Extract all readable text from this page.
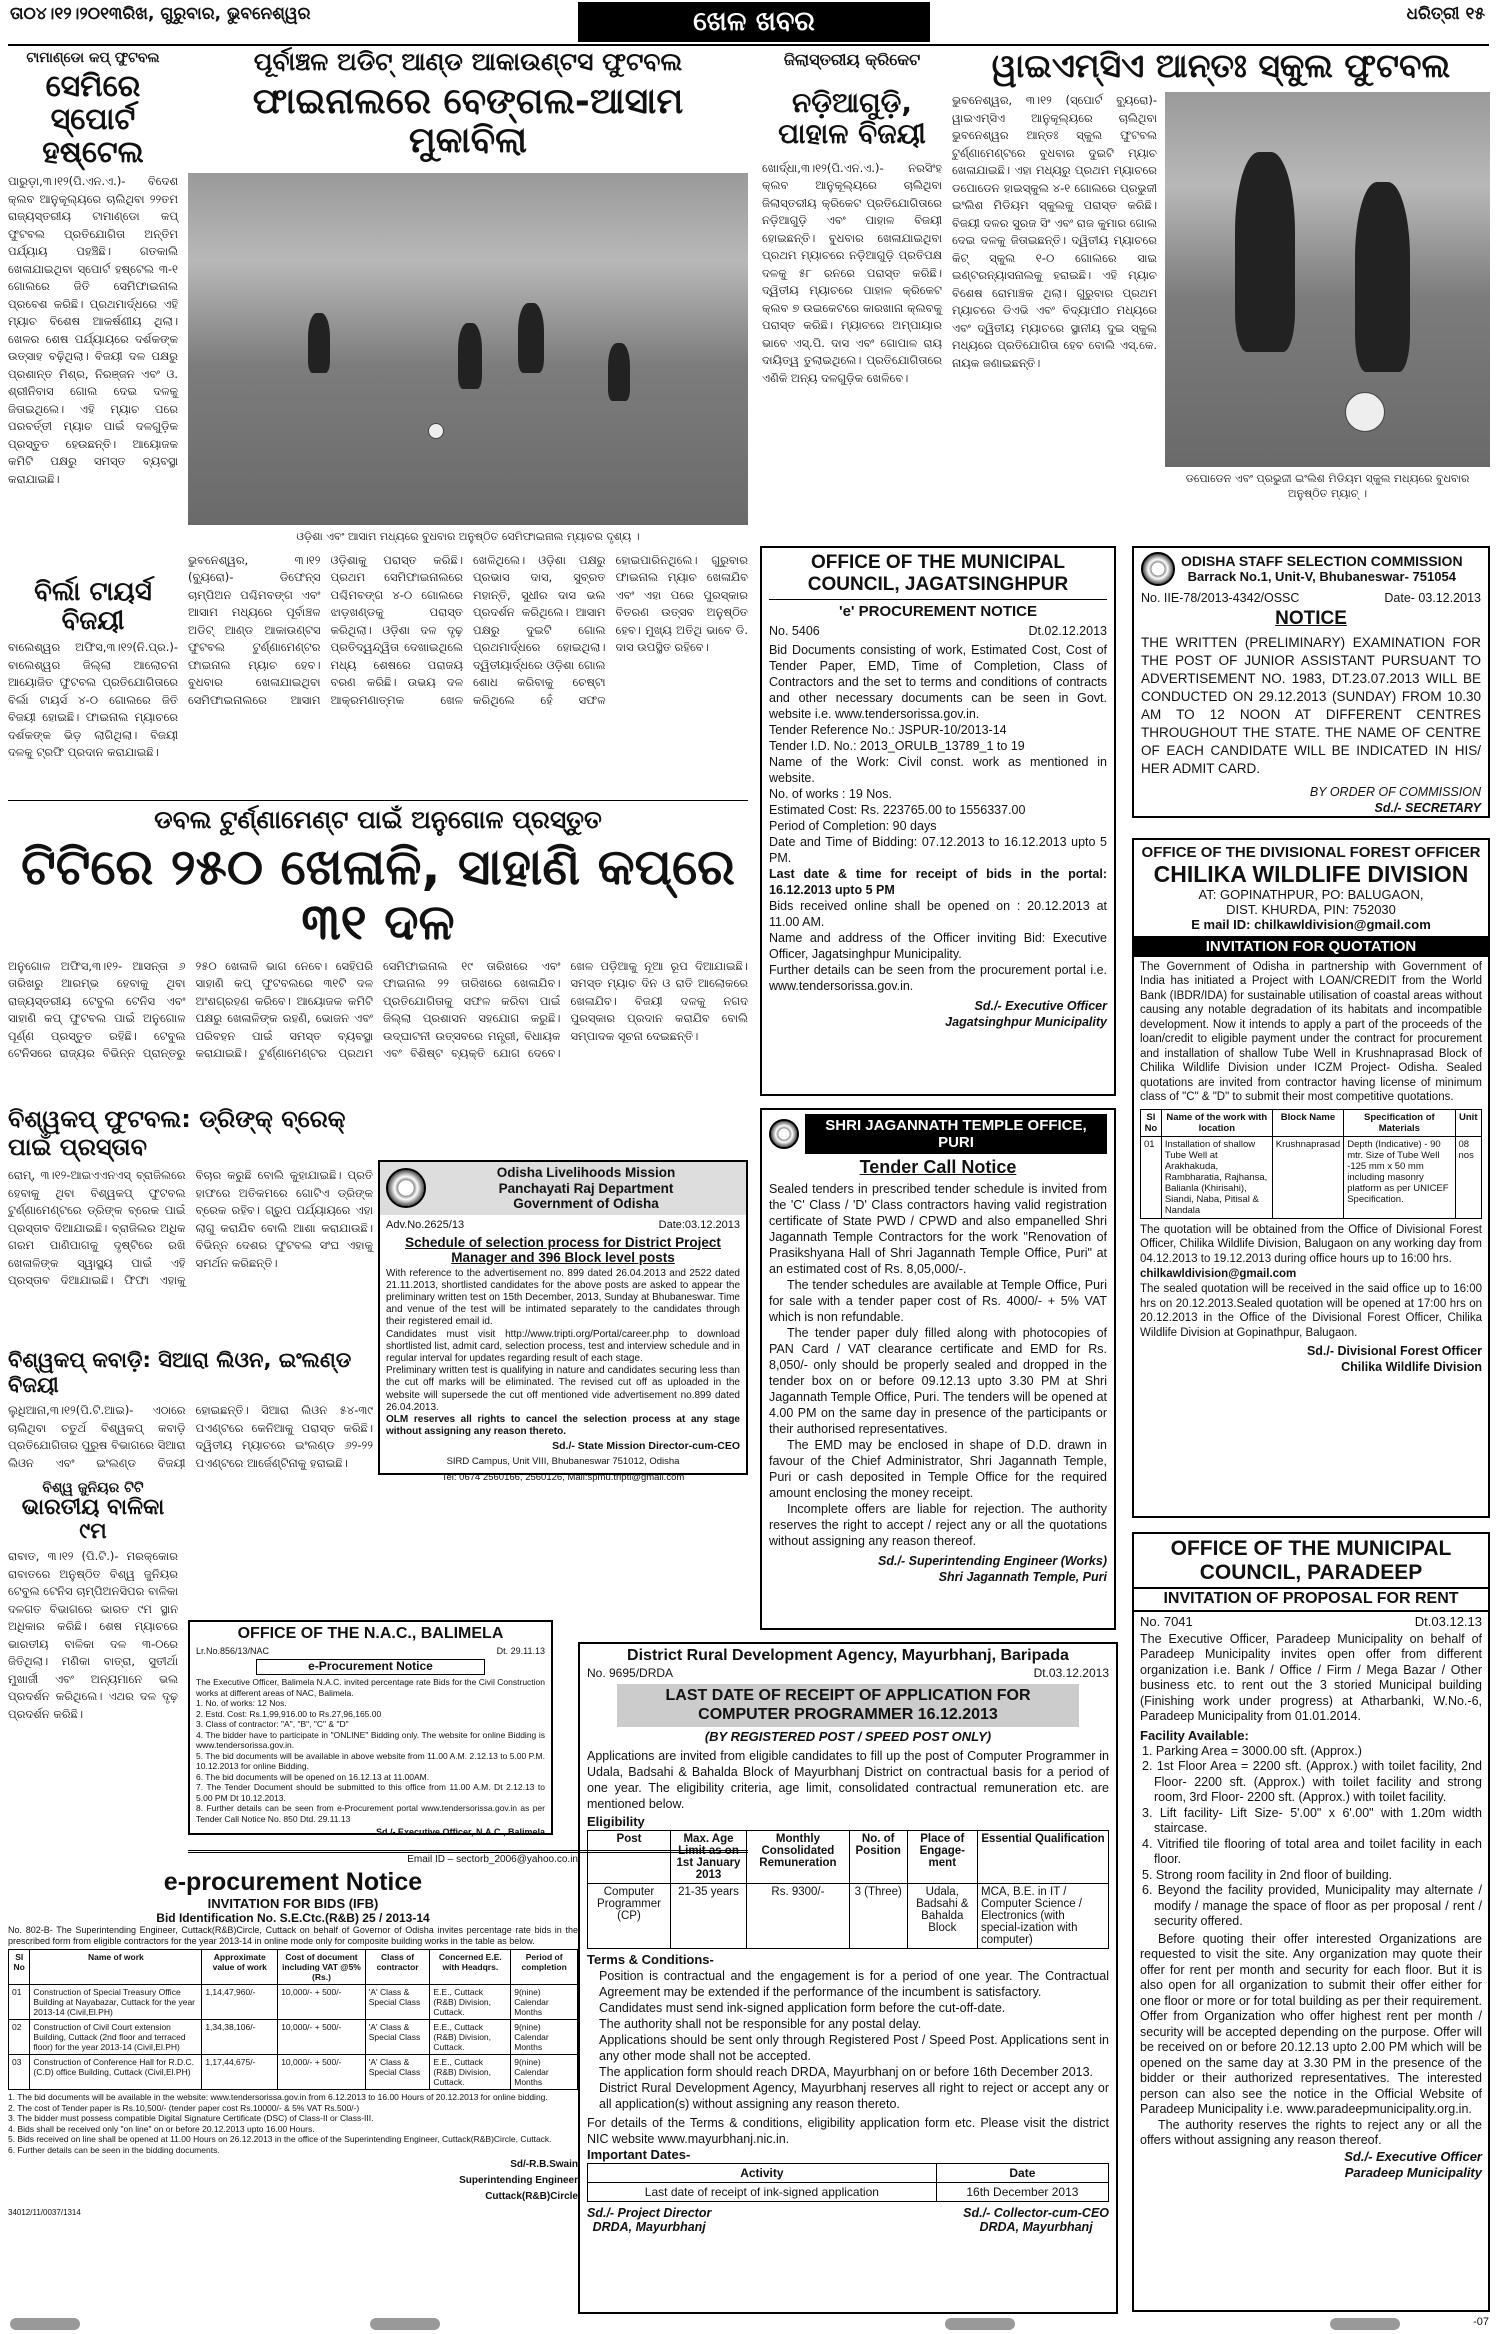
ତା୦୪।୧୨।୨୦୧୩ରିଖ, ଗୁରୁବାର, ଭୁବନେଶ୍ୱର	ଖେଳ ଖବର	ଧରିତ୍ରୀ ୧୫
ଟାମାଣ୍ଡୋ କପ୍ ଫୁଟବଲ
ସେମିରେ ସ୍ପୋର୍ଟ ହଷ୍ଟେଲ
ପାରୁଡ଼ା,୩।୧୨(ପି.ଏନ.ଏ.)- ବିଦେଶ କ୍ଲବ ଆନୁକୂଲ୍ୟରେ ଚାଲିଥିବା ୨୨ତମ ରାଜ୍ୟସ୍ତରୀୟ ଟାମାଣ୍ଡୋ କପ୍ ଫୁଟବଲ ପ୍ରତିଯୋଗିତା ଅନ୍ତିମ ପର୍ଯ୍ୟାୟ ପହଞ୍ଚିଛି। ଗତକାଲି ଖେଳାଯାଇଥିବା ସ୍ପୋର୍ଟ ହଷ୍ଟେଲ ୩-୧ ଗୋଲରେ ଜିତି ସେମିଫାଇନାଲ ପ୍ରବେଶ କରିଛି। ପ୍ରଥମାର୍ଦ୍ଧରେ ଏହି ମ୍ୟାଚ ବିଶେଷ ଆକର୍ଷଣୀୟ ଥିଲା। ଖେଳର ଶେଷ ପର୍ଯ୍ୟାୟରେ ଦର୍ଶକଙ୍କ ଉତ୍ସାହ ବଢ଼ିଥିଲା। ବିଜୟୀ ଦଳ ପକ୍ଷରୁ ପ୍ରଶାନ୍ତ ମିଶ୍ର, ନିରଞ୍ଜନ ଏବଂ ଓ. ଶ୍ରୀନିବାସ ଗୋଲ ଦେଇ ଦଳକୁ ଜିତାଇଥିଲେ। ଏହି ମ୍ୟାଚ ପରେ ପରବର୍ତ୍ତୀ ମ୍ୟାଚ ପାଇଁ ଦଳଗୁଡ଼ିକ ପ୍ରସ୍ତୁତ ହେଉଛନ୍ତି। ଆୟୋଜକ କମିଟି ପକ୍ଷରୁ ସମସ୍ତ ବ୍ୟବସ୍ଥା କରାଯାଇଛି।
ବିର୍ଲା ଟାୟର୍ସ ବିଜୟୀ
ବାଲେଶ୍ୱର ଅଫିସ,୩।୧୨(ନି.ପ୍ର.)- ବାଲେଶ୍ୱର ଜିଲ୍ଲା ଆଲୋଚନା ଆୟୋଜିତ ଫୁଟବଲ ପ୍ରତିଯୋଗିତାରେ ବିର୍ଲା ଟାୟର୍ସ ୪-୦ ଗୋଲରେ ଜିତି ବିଜୟୀ ହୋଇଛି। ଫାଇନାଲ ମ୍ୟାଚରେ ଦର୍ଶକଙ୍କ ଭିଡ଼ ଲାଗିଥିଲା। ବିଜୟୀ ଦଳକୁ ଟ୍ରଫି ପ୍ରଦାନ କରାଯାଇଛି।
ପୂର୍ବାଞ୍ଚଳ ଅଡିଟ୍ ଆଣ୍ଡ ଆକାଉଣ୍ଟସ ଫୁଟବଲ
ଫାଇନାଲରେ ବେଙ୍ଗଲ-ଆସାମ ମୁକାବିଲା
ଓଡ଼ିଶା ଏବଂ ଆସାମ ମଧ୍ୟରେ ବୁଧବାର ଅନୁଷ୍ଠିତ ସେମିଫାଇନାଲ ମ୍ୟାଚର ଦୃଶ୍ୟ ।
ଭୁବନେଶ୍ୱର, ୩।୧୨ (ବ୍ୟୁରୋ)- ଡିଫେନ୍ସ ଚାମ୍ପିଅନ ପଶ୍ଚିମବଙ୍ଗ ଏବଂ ଆସାମ ମଧ୍ୟରେ ପୂର୍ବାଞ୍ଚଳ ଅଡିଟ୍ ଆଣ୍ଡ ଆକାଉଣ୍ଟସ ଫୁଟବଲ ଟୁର୍ଣ୍ଣାମେଣ୍ଟର ଫାଇନାଲ ମ୍ୟାଚ ହେବ। ବୁଧବାର ଖେଳାଯାଇଥିବା ସେମିଫାଇନାଲରେ ଆସାମ ଓଡ଼ିଶାକୁ ପରାସ୍ତ କରିଛି। ପ୍ରଥମ ସେମିଫାଇନାଲରେ ପଶ୍ଚିମବଙ୍ଗ ୪-୦ ଗୋଲରେ ଝାଡ଼ଖଣ୍ଡକୁ ପରାସ୍ତ କରିଥିଲା। ଓଡ଼ିଶା ଦଳ ଦୃଢ଼ ପ୍ରତିଦ୍ୱନ୍ଦ୍ୱିତା ଦେଖାଇଥିଲେ ମଧ୍ୟ ଶେଷରେ ପରାଜୟ ବରଣ କରିଛି। ଉଭୟ ଦଳ ଆକ୍ରମଣାତ୍ମକ ଖେଳ ଖେଳିଥିଲେ। ଓଡ଼ିଶା ପକ୍ଷରୁ ପ୍ରଭାସ ଦାସ, ସୁବ୍ରତ ମହାନ୍ତି, ସୁଧୀର ଦାସ ଭଲ ପ୍ରଦର୍ଶନ କରିଥିଲେ। ଆସାମ ପକ୍ଷରୁ ଦୁଇଟି ଗୋଲ ପ୍ରଥମାର୍ଦ୍ଧରେ ହୋଇଥିଲା। ଦ୍ୱିତୀୟାର୍ଦ୍ଧରେ ଓଡ଼ିଶା ଗୋଲ ଶୋଧ କରିବାକୁ ଚେଷ୍ଟା କରିଥିଲେ ହେଁ ସଫଳ ହୋଇପାରିନଥିଲେ। ଗୁରୁବାର ଫାଇନାଲ ମ୍ୟାଚ ଖେଳାଯିବ ଏବଂ ଏହା ପରେ ପୁରସ୍କାର ବିତରଣ ଉତ୍ସବ ଅନୁଷ୍ଠିତ ହେବ। ମୁଖ୍ୟ ଅତିଥି ଭାବେ ଡି. ଦାସ ଉପସ୍ଥିତ ରହିବେ।
ଜିଲାସ୍ତରୀୟ କ୍ରିକେଟ
ନଡ଼ିଆଗୁଡ଼ି, ପାହାଳ ବିଜୟୀ
ଖୋର୍ଦ୍ଧା,୩।୧୨(ପି.ଏନ.ଏ.)- ନରସିଂହ କ୍ଲବ ଆନୁକୂଲ୍ୟରେ ଚାଲିଥିବା ଜିଲାସ୍ତରୀୟ କ୍ରିକେଟ ପ୍ରତିଯୋଗିତାରେ ନଡ଼ିଆଗୁଡ଼ି ଏବଂ ପାହାଳ ବିଜୟୀ ହୋଇଛନ୍ତି। ବୁଧବାର ଖେଳାଯାଇଥିବା ପ୍ରଥମ ମ୍ୟାଚରେ ନଡ଼ିଆଗୁଡ଼ି ପ୍ରତିପକ୍ଷ ଦଳକୁ ୫୮ ରନରେ ପରାସ୍ତ କରିଛି। ଦ୍ୱିତୀୟ ମ୍ୟାଚରେ ପାହାଳ କ୍ରିକେଟ କ୍ଲବ ୭ ଉଇକେଟରେ କାରଖାନା କ୍ଲବକୁ ପରାସ୍ତ କରିଛି। ମ୍ୟାଚରେ ଅମ୍ପାୟାର ଭାବେ ଏସ୍.ପି. ଦାସ ଏବଂ ଗୋପାଳ ରାୟ ଦାୟିତ୍ୱ ତୁଲାଇଥିଲେ। ପ୍ରତିଯୋଗିତାରେ ଏଣିକି ଅନ୍ୟ ଦଳଗୁଡ଼ିକ ଖେଳିବେ।
ୱାଇଏମ୍‌ସିଏ ଆନ୍ତଃ ସ୍କୁଲ ଫୁଟବଲ
ଭୁବନେଶ୍ୱର, ୩।୧୨ (ସ୍ପୋର୍ଟ ବ୍ୟୁରୋ)- ୱାଇଏମ୍‌ସିଏ ଆନୁକୂଲ୍ୟରେ ଚାଲିଥିବା ଭୁବନେଶ୍ୱର ଆନ୍ତଃ ସ୍କୁଲ ଫୁଟବଲ ଟୁର୍ଣ୍ଣାମେଣ୍ଟରେ ବୁଧବାର ଦୁଇଟି ମ୍ୟାଚ ଖେଳାଯାଇଛି। ଏହା ମଧ୍ୟରୁ ପ୍ରଥମ ମ୍ୟାଚରେ ଡପୋଡେନ ହାଇସ୍କୁଲ ୪-୧ ଗୋଲରେ ପ୍ରଭୁଜୀ ଇଂଲିଶ ମିଡିୟମ ସ୍କୁଲକୁ ପରାସ୍ତ କରିଛି। ବିଜୟୀ ଦଳର ସୁରଜ ସିଂ ଏବଂ ରାଜ କୁମାର ଗୋଲ ଦେଇ ଦଳକୁ ଜିତାଇଛନ୍ତି। ଦ୍ୱିତୀୟ ମ୍ୟାଚରେ କିଟ୍ ସ୍କୁଲ ୧-୦ ଗୋଲରେ ସାଇ ଇଣ୍ଟରନ୍ୟାସନାଲକୁ ହରାଇଛି। ଏହି ମ୍ୟାଚ ବିଶେଷ ରୋମାଞ୍ଚକ ଥିଲା। ଗୁରୁବାର ପ୍ରଥମ ମ୍ୟାଚରେ ଡିଏଭି ଏବଂ ବିଦ୍ୟାପୀଠ ମଧ୍ୟରେ ଏବଂ ଦ୍ୱିତୀୟ ମ୍ୟାଚରେ ସ୍ଥାନୀୟ ଦୁଇ ସ୍କୁଲ ମଧ୍ୟରେ ପ୍ରତିଯୋଗିତା ହେବ ବୋଲି ଏସ୍.କେ. ନାୟକ ଜଣାଇଛନ୍ତି।
ଡପୋଡେନ ଏବଂ ପ୍ରଭୁଜୀ ଇଂଲିଶ ମିଡିୟମ ସ୍କୁଲ ମଧ୍ୟରେ ବୁଧବାର ଅନୁଷ୍ଠିତ ମ୍ୟାଚ୍ ।
OFFICE OF THE MUNICIPAL
COUNCIL, JAGATSINGHPUR
'e' PROCUREMENT NOTICE
No. 5406	Dt.02.12.2013
Bid Documents consisting of work, Estimated Cost, Cost of Tender Paper, EMD, Time of Completion, Class of Contractors and the set to terms and conditions of contracts and other necessary documents can be seen in Govt. website i.e. www.tendersorissa.gov.in.
Tender Reference No.: JSPUR-10/2013-14
Tender I.D. No.: 2013_ORULB_13789_1 to 19
Name of the Work: Civil const. work as mentioned in website.
No. of works : 19 Nos.
Estimated Cost: Rs. 223765.00 to 1556337.00
Period of Completion: 90 days
Date and Time of Bidding: 07.12.2013 to 16.12.2013 upto 5 PM.
Last date & time for receipt of bids in the portal: 16.12.2013 upto 5 PM
Bids received online shall be opened on : 20.12.2013 at 11.00 AM.
Name and address of the Officer inviting Bid: Executive Officer, Jagatsinghpur Municipality.
Further details can be seen from the procurement portal i.e. www.tendersorissa.gov.in.
Sd./- Executive Officer
Jagatsinghpur Municipality
ODISHA STAFF SELECTION COMMISSION
Barrack No.1, Unit-V, Bhubaneswar- 751054
No. IIE-78/2013-4342/OSSC	Date- 03.12.2013
NOTICE
THE WRITTEN (PRELIMINARY) EXAMINATION FOR THE POST OF JUNIOR ASSISTANT PURSUANT TO ADVERTISEMENT NO. 1983, DT.23.07.2013 WILL BE CONDUCTED ON 29.12.2013 (SUNDAY) FROM 10.30 AM TO 12 NOON AT DIFFERENT CENTRES THROUGHOUT THE STATE. THE NAME OF CENTRE OF EACH CANDIDATE WILL BE INDICATED IN HIS/ HER ADMIT CARD.
BY ORDER OF COMMISSION
Sd./- SECRETARY
OFFICE OF THE DIVISIONAL FOREST OFFICER
CHILIKA WILDLIFE DIVISION
AT: GOPINATHPUR, PO: BALUGAON,
DIST. KHURDA, PIN: 752030
E mail ID: chilkawldivision@gmail.com
INVITATION FOR QUOTATION
The Government of Odisha in partnership with Government of India has initiated a Project with LOAN/CREDIT from the World Bank (IBDR/IDA) for sustainable utilisation of coastal areas without causing any notable degradation of its habitats and incompatible development. Now it intends to apply a part of the proceeds of the loan/credit to eligible payment under the contract for procurement and installation of shallow Tube Well in Krushnaprasad Block of Chilika Wildlife Division under ICZM Project- Odisha. Sealed quotations are invited from contractor having license of minimum class of "C" & "D" to submit their most competitive quotations.
Sl No	Name of the work with location	Block Name	Specification of Materials	Unit
01	Installation of shallow Tube Well at Arakhakuda, Rambharatia, Rajhansa, Balianla (Khirisahi), Siandi, Naba, Pitisal & Nandala	Krushnaprasad	Depth (Indicative) - 90 mtr. Size of Tube Well -125 mm x 50 mm including masonry platform as per UNICEF Specification.	08 nos
The quotation will be obtained from the Office of Divisional Forest Officer, Chilika Wildlife Division, Balugaon on any working day from 04.12.2013 to 19.12.2013 during office hours up to 16:00 hrs.
chilkawldivision@gmail.com
The sealed quotation will be received in the said office up to 16:00 hrs on 20.12.2013.Sealed quotation will be opened at 17:00 hrs on 20.12.2013 in the Office of the Divisional Forest Officer, Chilika Wildlife Division at Gopinathpur, Balugaon.
Sd./- Divisional Forest Officer
Chilika Wildlife Division
ଡବଲ ଟୁର୍ଣ୍ଣାମେଣ୍ଟ ପାଇଁ ଅନୁଗୋଳ ପ୍ରସ୍ତୁତ
ଟିଟିରେ ୨୫୦ ଖେଳାଳି, ସାହାଣି କପ୍‌ରେ ୩୧ ଦଳ
ଅନୁଗୋଳ ଅଫିସ,୩।୧୨- ଆସନ୍ତା ୬ ତାରିଖରୁ ଆରମ୍ଭ ହେବାକୁ ଥିବା ରାଜ୍ୟସ୍ତରୀୟ ଟେବୁଲ ଟେନିସ ଏବଂ ସାହାଣି କପ୍ ଫୁଟବଲ ପାଇଁ ଅନୁଗୋଳ ପୂର୍ଣ୍ଣ ପ୍ରସ୍ତୁତ ରହିଛି। ଟେବୁଲ ଟେନିସରେ ରାଜ୍ୟର ବିଭିନ୍ନ ପ୍ରାନ୍ତରୁ ୨୫୦ ଖେଳାଳି ଭାଗ ନେବେ। ସେହିପରି ସାହାଣି କପ୍ ଫୁଟବଲରେ ୩୧ଟି ଦଳ ଅଂଶଗ୍ରହଣ କରିବେ। ଆୟୋଜକ କମିଟି ପକ୍ଷରୁ ଖେଳାଳିଙ୍କ ରହଣି, ଭୋଜନ ଏବଂ ପରିବହନ ପାଇଁ ସମସ୍ତ ବ୍ୟବସ୍ଥା କରାଯାଇଛି। ଟୁର୍ଣ୍ଣାମେଣ୍ଟର ପ୍ରଥମ ସେମିଫାଇନାଲ ୧୯ ତାରିଖରେ ଏବଂ ଫାଇନାଲ ୨୨ ତାରିଖରେ ଖେଳାଯିବ। ପ୍ରତିଯୋଗିତାକୁ ସଫଳ କରିବା ପାଇଁ ଜିଲ୍ଲା ପ୍ରଶାସନ ସହଯୋଗ କରୁଛି। ଉଦ୍‌ଘାଟନୀ ଉତ୍ସବରେ ମନ୍ତ୍ରୀ, ବିଧାୟକ ଏବଂ ବିଶିଷ୍ଟ ବ୍ୟକ୍ତି ଯୋଗ ଦେବେ। ଖେଳ ପଡ଼ିଆକୁ ନୂଆ ରୂପ ଦିଆଯାଇଛି। ସମସ୍ତ ମ୍ୟାଚ ଦିନ ଓ ରାତି ଆଲୋକରେ ଖେଳାଯିବ। ବିଜୟୀ ଦଳକୁ ନଗଦ ପୁରସ୍କାର ପ୍ରଦାନ କରାଯିବ ବୋଲି ସମ୍ପାଦକ ସୂଚନା ଦେଇଛନ୍ତି।
ବିଶ୍ୱକପ୍ ଫୁଟବଲ: ଡ୍ରିଙ୍କ୍ ବ୍ରେକ୍ ପାଇଁ ପ୍ରସ୍ତାବ
ରୋମ୍, ୩।୧୨-ଆଇଏଏନଏସ୍ ବ୍ରାଜିଲରେ ହେବାକୁ ଥିବା ବିଶ୍ୱକପ୍ ଫୁଟବଲ ଟୁର୍ଣ୍ଣାମେଣ୍ଟରେ ଡ୍ରିଙ୍କ ବ୍ରେକ ପାଇଁ ପ୍ରସ୍ତାବ ଦିଆଯାଇଛି। ବ୍ରାଜିଲର ଅଧିକ ଗରମ ପାଣିପାଗକୁ ଦୃଷ୍ଟିରେ ରଖି ଖେଳାଳିଙ୍କ ସ୍ୱାସ୍ଥ୍ୟ ପାଇଁ ଏହି ପ୍ରସ୍ତାବ ଦିଆଯାଇଛି। ଫିଫା ଏହାକୁ ବିଚାର କରୁଛି ବୋଲି କୁହାଯାଇଛି। ପ୍ରତି ହାଫରେ ଅତିକମରେ ଗୋଟିଏ ଡ୍ରିଙ୍କ ବ୍ରେକ ରହିବ। ଗ୍ରୁପ ପର୍ଯ୍ୟାୟରେ ଏହା ଲାଗୁ କରାଯିବ ବୋଲି ଆଶା କରାଯାଉଛି। ବିଭିନ୍ନ ଦେଶର ଫୁଟବଲ ସଂଘ ଏହାକୁ ସମର୍ଥନ କରିଛନ୍ତି।
ବିଶ୍ୱକପ୍ କବାଡ଼ି: ସିଆରା ଲିଓନ, ଇଂଲଣ୍ଡ ବିଜୟୀ
ଲୁଧିଆନା,୩।୧୨(ପି.ଟି.ଆଇ)- ଏଠାରେ ଚାଲିଥିବା ଚତୁର୍ଥ ବିଶ୍ୱକପ୍ କବାଡ଼ି ପ୍ରତିଯୋଗିତାର ପୁରୁଷ ବିଭାଗରେ ସିଆରା ଲିଓନ ଏବଂ ଇଂଲଣ୍ଡ ବିଜୟୀ ହୋଇଛନ୍ତି। ସିଆରା ଲିଓନ ୫୪-୩୯ ପଏଣ୍ଟରେ କେନିଆକୁ ପରାସ୍ତ କରିଛି। ଦ୍ୱିତୀୟ ମ୍ୟାଚରେ ଇଂଲଣ୍ଡ ୬୨-୨୨ ପଏଣ୍ଟରେ ଆର୍ଜେଣ୍ଟିନାକୁ ହରାଇଛି।
ବିଶ୍ୱ ଜୁନିୟର ଟିଟି
ଭାରତୀୟ ବାଳିକା ୯ମ
ରାବାତ, ୩।୧୨ (ପି.ଟି.)- ମରକ୍କୋର ରାବାତରେ ଅନୁଷ୍ଠିତ ବିଶ୍ୱ ଜୁନିୟର ଟେବୁଲ ଟେନିସ ଚାମ୍ପିଅନସିପର ବାଳିକା ଦଳଗତ ବିଭାଗରେ ଭାରତ ୯ମ ସ୍ଥାନ ଅଧିକାର କରିଛି। ଶେଷ ମ୍ୟାଚରେ ଭାରତୀୟ ବାଳିକା ଦଳ ୩-୦ରେ ଜିତିଥିଲା। ମଣିକା ବାତ୍ରା, ସୁତୀର୍ଥା ମୁଖାର୍ଜୀ ଏବଂ ଅନ୍ୟମାନେ ଭଲ ପ୍ରଦର୍ଶନ କରିଥିଲେ। ଏଥର ଦଳ ଦୃଢ଼ ପ୍ରଦର୍ଶନ କରିଛି।
Odisha Livelihoods Mission
Panchayati Raj Department
Government of Odisha
Adv.No.2625/13	Date:03.12.2013
Schedule of selection process for District Project Manager and 396 Block level posts
With reference to the advertisement no. 899 dated 26.04.2013 and 2522 dated 21.11.2013, shortlisted candidates for the above posts are asked to appear the preliminary written test on 15th December, 2013, Sunday at Bhubaneswar. Time and venue of the test will be intimated separately to the candidates through their registered email id.
Candidates must visit http://www.tripti.org/Portal/career.php to download shortlisted list, admit card, selection process, test and interview schedule and in regular interval for updates regarding result of each stage.
Preliminary written test is qualifying in nature and candidates securing less than the cut off marks will be eliminated. The revised cut off as uploaded in the website will supersede the cut off mentioned vide advertisement no.899 dated 26.04.2013.
OLM reserves all rights to cancel the selection process at any stage without assigning any reason thereto.
Sd./- State Mission Director-cum-CEO
SIRD Campus, Unit VIII, Bhubaneswar 751012, Odisha
Tel: 0674 2560166, 2560126, Mail:spmu.tripti@gmail.com
SHRI JAGANNATH TEMPLE OFFICE, PURI
Tender Call Notice
Sealed tenders in prescribed tender schedule is invited from the 'C' Class / 'D' Class contractors having valid registration certificate of State PWD / CPWD and also empanelled Shri Jagannath Temple Contractors for the work "Renovation of Prasikshyana Hall of Shri Jagannath Temple Office, Puri" at an estimated cost of Rs. 8,05,000/-.
The tender schedules are available at Temple Office, Puri for sale with a tender paper cost of Rs. 4000/- + 5% VAT which is non refundable.
The tender paper duly filled along with photocopies of PAN Card / VAT clearance certificate and EMD for Rs. 8,050/- only should be properly sealed and dropped in the tender box on or before 09.12.13 upto 3.30 PM at Shri Jagannath Temple Office, Puri. The tenders will be opened at 4.00 PM on the same day in presence of the participants or their authorised representatives.
The EMD may be enclosed in shape of D.D. drawn in favour of the Chief Administrator, Shri Jagannath Temple, Puri or cash deposited in Temple Office for the required amount enclosing the money receipt.
Incomplete offers are liable for rejection. The authority reserves the right to accept / reject any or all the quotations without assigning any reason thereof.
Sd./- Superintending Engineer (Works)
Shri Jagannath Temple, Puri
OFFICE OF THE N.A.C., BALIMELA
Lr.No.856/13/NAC	Dt. 29.11.13
e-Procurement Notice
The Executive Officer, Balimela N.A.C. invited percentage rate Bids for the Civil Construction works at different areas of NAC, Balimela.
1. No. of works: 12 Nos.
2. Estd. Cost: Rs.1,99,916.00 to Rs.27,96,165.00
3. Class of contractor: "A", "B", "C" & "D"
4. The bidder have to participate in "ONLINE" Bidding only. The website for online Bidding is www.tendersorissa.gov.in.
5. The bid documents will be available in above website from 11.00 A.M. 2.12.13 to 5.00 P.M. 10.12.2013 for online Bidding.
6. The bid documents will be opened on 16.12.13 at 11.00AM.
7. The Tender Document should be submitted to this office from 11.00 A.M. Dt 2.12.13 to 5.00 PM Dt 10.12.2013.
8. Further details can be seen from e-Procurement portal www.tendersorissa.gov.in as per Tender Call Notice No. 850 Dtd. 29.11.13
Sd./- Executive Officer, N.A.C., Balimela
Email ID – sectorb_2006@yahoo.co.in
e-procurement Notice
INVITATION FOR BIDS (IFB)
Bid Identification No. S.E.Ctc.(R&B) 25 / 2013-14
No. 802-B- The Superintending Engineer, Cuttack(R&B)Circle, Cuttack on behalf of Governor of Odisha invites percentage rate bids in the prescribed form from eligible contractors for the year 2013-14 in online mode only for composite building works in the table as below.
Sl No	Name of work	Approximate value of work	Cost of document including VAT @5% (Rs.)	Class of contractor	Concerned E.E. with Headqrs.	Period of completion
01	Construction of Special Treasury Office Building at Nayabazar, Cuttack for the year 2013-14 (Civil,El.PH)	1,14,47,960/-	10,000/- + 500/-	'A' Class & Special Class	E.E., Cuttack (R&B) Division, Cuttack.	9(nine) Calendar Months
02	Construction of Civil Court extension Building, Cuttack (2nd floor and terraced floor) for the year 2013-14 (Civil,El.PH)	1,34,38,106/-	10,000/- + 500/-	'A' Class & Special Class	E.E., Cuttack (R&B) Division, Cuttack.	9(nine) Calendar Months
03	Construction of Conference Hall for R.D.C.(C.D) office Building, Cuttack (Civil,El.PH)	1,17,44,675/-	10,000/- + 500/-	'A' Class & Special Class	E.E., Cuttack (R&B) Division, Cuttack.	9(nine) Calendar Months
1. The bid documents will be available in the website: www.tendersorissa.gov.in from 6.12.2013 to 16.00 Hours of 20.12.2013 for online bidding.
2. The cost of Tender paper is Rs.10,500/- (tender paper cost Rs.10000/- & 5% VAT Rs.500/-)
3. The bidder must possess compatible Digital Signature Certificate (DSC) of Class-II or Class-III.
4. Bids shall be received only "on line" on or before 20.12.2013 upto 16.00 Hours.
5. Bids received on line shall be opened at 11.00 Hours on 26.12.2013 in the office of the Superintending Engineer, Cuttack(R&B)Circle, Cuttack.
6. Further details can be seen in the bidding documents.
Sd/-R.B.Swain
Superintending Engineer
Cuttack(R&B)Circle
34012/11/0037/1314
District Rural Development Agency, Mayurbhanj, Baripada
No. 9695/DRDA	Dt.03.12.2013
LAST DATE OF RECEIPT OF APPLICATION FOR
COMPUTER PROGRAMMER 16.12.2013
(BY REGISTERED POST / SPEED POST ONLY)
Applications are invited from eligible candidates to fill up the post of Computer Programmer in Udala, Badsahi & Bahalda Block of Mayurbhanj District on contractual basis for a period of one year. The eligibility criteria, age limit, consolidated contractual remuneration etc. are mentioned below.
Eligibility
Post	Max. Age Limit as on 1st January 2013	Monthly Consolidated Remuneration	No. of Position	Place of Engage-ment	Essential Qualification
Computer Programmer (CP)	21-35 years	Rs. 9300/-	3 (Three)	Udala, Badsahi & Bahalda Block	MCA, B.E. in IT / Computer Science / Electronics (with special-ization with computer)
Terms & Conditions-
Position is contractual and the engagement is for a period of one year. The Contractual Agreement may be extended if the performance of the incumbent is satisfactory.
Candidates must send ink-signed application form before the cut-off-date.
The authority shall not be responsible for any postal delay.
Applications should be sent only through Registered Post / Speed Post. Applications sent in any other mode shall not be accepted.
The application form should reach DRDA, Mayurbhanj on or before 16th December 2013.
District Rural Development Agency, Mayurbhanj reserves all right to reject or accept any or all application(s) without assigning any reason thereto.
For details of the Terms & conditions, eligibility application form etc. Please visit the district NIC website www.mayurbhanj.nic.in.
Important Dates-
Activity	Date
Last date of receipt of ink-signed application	16th December 2013
Sd./- Project Director
DRDA, Mayurbhanj
Sd./- Collector-cum-CEO
DRDA, Mayurbhanj
OFFICE OF THE MUNICIPAL
COUNCIL, PARADEEP
INVITATION OF PROPOSAL FOR RENT
No. 7041	Dt.03.12.13
The Executive Officer, Paradeep Municipality on behalf of Paradeep Municipality invites open offer from different organization i.e. Bank / Office / Firm / Mega Bazar / Other business etc. to rent out the 3 storied Municipal building (Finishing work under progress) at Atharbanki, W.No.-6, Paradeep Municipality from 01.01.2014.
Facility Available:
1. Parking Area = 3000.00 sft. (Approx.)
2. 1st Floor Area = 2200 sft. (Approx.) with toilet facility, 2nd Floor- 2200 sft. (Approx.) with toilet facility and strong room, 3rd Floor- 2200 sft. (Approx.) with toilet facility.
3. Lift facility- Lift Size- 5'.00" x 6'.00" with 1.20m width staircase.
4. Vitrified tile flooring of total area and toilet facility in each floor.
5. Strong room facility in 2nd floor of building.
6. Beyond the facility provided, Municipality may alternate / modify / manage the space of floor as per proposal / rent / security offered.
Before quoting their offer interested Organizations are requested to visit the site. Any organization may quote their offer for rent per month and security for each floor. But it is also open for all organization to submit their offer either for one floor or more or for total building as per their requirement. Offer from Organization who offer highest rent per month / security will be accepted depending on the purpose. Offer will be received on or before 20.12.13 upto 2.00 PM which will be opened on the same day at 3.30 PM in the presence of the bidder or their authorized representatives. The interested person can also see the notice in the Official Website of Paradeep Municipality i.e. www.paradeepmunicipality.org.in.
The authority reserves the rights to reject any or all the offers without assigning any reason thereof.
Sd./- Executive Officer
Paradeep Municipality
-07
